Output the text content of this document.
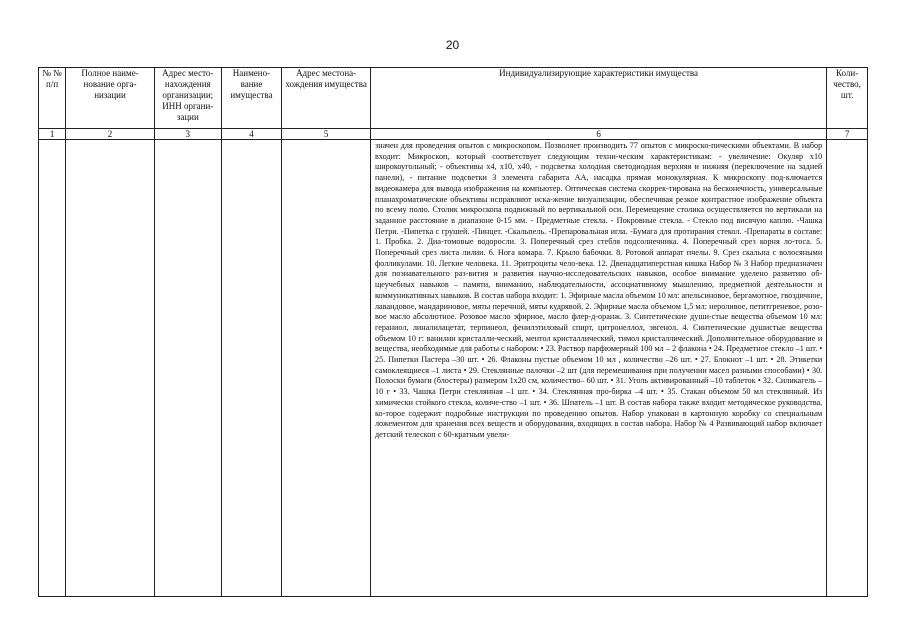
20
№ № п/п	Полное наиме-нование орга-низации	Адрес место-нахождения организации; ИНН органи-зации	Наимено-вание имущества	Адрес местона-хождения имущества	Индивидуализирующие характеристики имущества	Коли-чество, шт.
1	2	3	4	5	6	7
					значен для проведения опытов с микроскопом. Позволяет производить 77 опытов с микроско-пическими объектами. В набор входит: Микроскоп, который соответствует следующим техни-ческим характеристикам: - увеличение: Окуляр х10 широкоугольный; - объективы х4, х10, х40, - подсветка холодная светодиодная верхняя и нижняя (переключение на задней панели), - питание подсветки 3 элемента габарита АА, насадка прямая монокулярная. К микроскопу под-ключается видеокамера для вывода изображения на компьютер. Оптическая система скоррек-тирована на бесконечность, универсальные планахроматические объективы исправляют иска-жение визуализации, обеспечивая резкое контрастное изображение объекта по всему полю. Столик микроскопа подвижный по вертикальной оси. Перемещение столика осуществляется по вертикали на заданное расстояние в диапазоне 0-15 мм. - Предметные стекла. - Покровные стекла. - Стекло под висячую каплю. -Чашка Петри. -Пипетка с грушей. -Пинцет. -Скальпель. -Препаровальная игла. -Бумага для протирания стекол. -Препараты в составе: 1. Пробка. 2. Диа-томовые водоросли. 3. Поперечный срез стебля подсолнечника. 4. Поперечный срез корня ло-тоса. 5. Поперечный срез листа лилии. 6. Нога комара. 7. Крыло бабочки. 8. Ротовой аппарат пчелы. 9. Срез скальпа с волосяными фолликулами. 10. Легкие человека. 11. Эритроциты чело-века. 12. Двенадцатиперстная кишка Набор № 3 Набор предназначен для познавательного раз-вития и развития научно-исследовательских навыков, особое внимание уделено развитию об-щеучебных навыков – памяти, вниманию, наблюдательности, ассоциативному мышлению, предметной деятельности и коммуникативных навыков. В состав набора входит: 1. Эфирные масла объемом 10 мл: апельсиновое, бергамотное, гвоздичное, лавандовое, мандариновое, мяты перечной, мяты кудрявой. 2. Эфирные масла объемом 1,5 мл: нероливое, петитгреневое, розо-вое масло абсолютное. Розовое масло эфирное, масло флер-д-оранж. 3. Синтетические души-стые вещества объемом 10 мл: гераниол, линалилацетат, терпинеол, фенилэтиловый спирт, цитронеллол, эвгенол. 4. Синтетические душистые вещества объемом 10 г: ванилин кристалли-ческий, ментол кристаллический, тимол кристаллический. Дополнительное оборудование и вещества, необходимые для работы с набором: • 23. Раствор парфюмерный 100 мл – 2 флакона • 24. Предметное стекло –1 шт. • 25. Пипетки Пастера –30 шт. • 26. Флаконы пустые объемом 10 мл , количество –26 шт. • 27. Блокнот –1 шт. • 28. Этикетки самоклеящиеся –1 листа • 29. Стеклянные палочки –2 шт (для перемешивания при получении масел разными способами) • 30. Полоски бумаги (блостеры) размером 1х20 см, количество– 60 шт. • 31. Уголь активированный –10 таблеток • 32. Силикагель –10 г • 33. Чашка Петри стеклянная –1 шт. • 34. Стеклянная про-бирка –4 шт. • 35. Стакан объемом 50 мл стеклянный. Из химически стойкого стекла, количе-ство –1 шт. • 36. Шпатель –1 шт. В состав набора также входит методическое руководства, ко-торое содержит подробные инструкции по проведению опытов. Набор упакован в картонную коробку со специальным ложементом для хранения всех веществ и оборудования, входящих в состав набора. Набор № 4 Развивающий набор включает детский телескоп с 60-кратным увели-	
